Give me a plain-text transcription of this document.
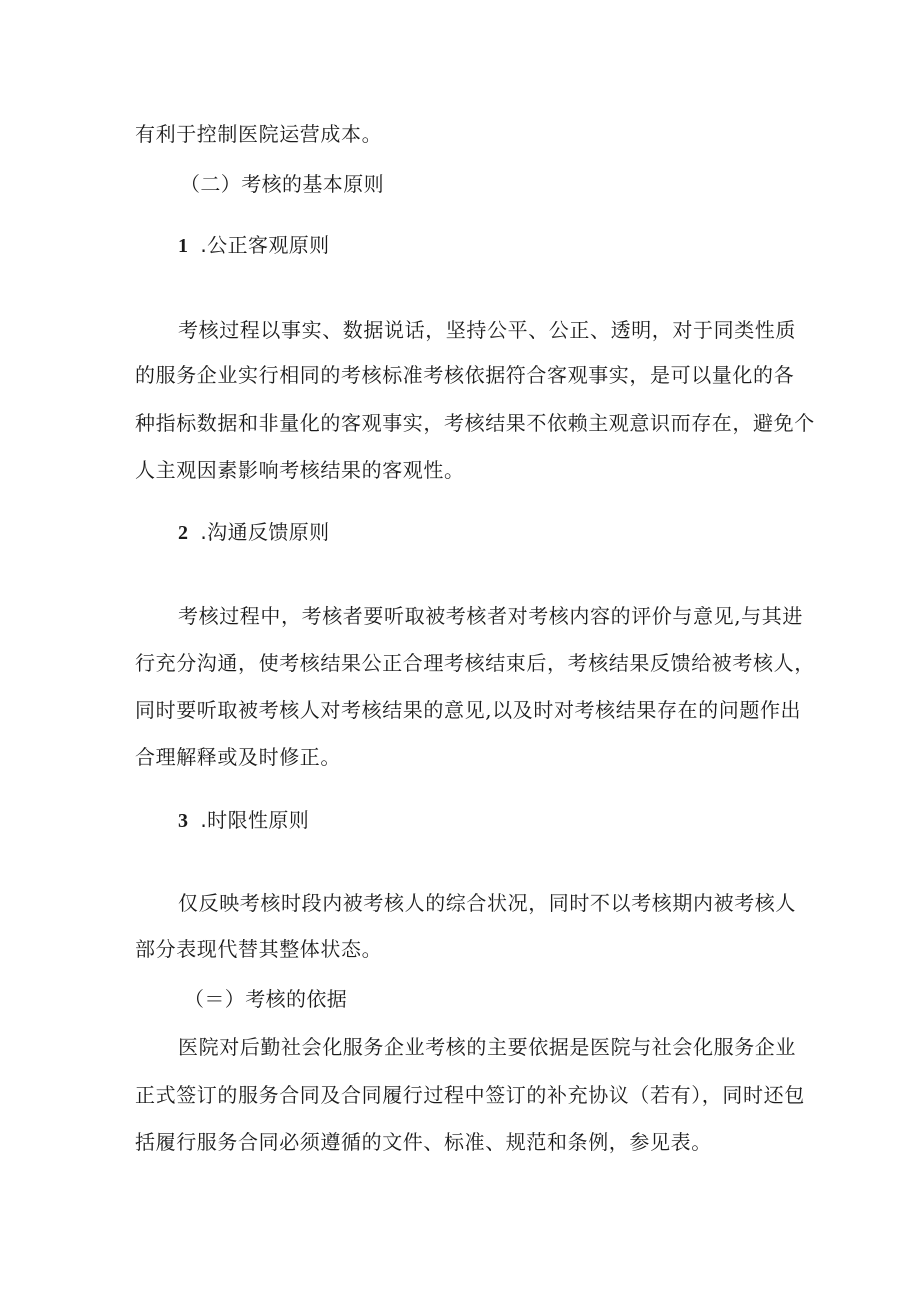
有利于控制医院运营成本。
（二）考核的基本原则
1 .公正客观原则
考核过程以事实、数据说话，坚持公平、公正、透明，对于同类性质
的服务企业实行相同的考核标准考核依据符合客观事实，是可以量化的各
种指标数据和非量化的客观事实，考核结果不依赖主观意识而存在，避免个
人主观因素影响考核结果的客观性。
2 .沟通反馈原则
考核过程中，考核者要听取被考核者对考核内容的评价与意见,与其进
行充分沟通，使考核结果公正合理考核结束后，考核结果反馈给被考核人，
同时要听取被考核人对考核结果的意见,以及时对考核结果存在的问题作出
合理解释或及时修正。
3 .时限性原则
仅反映考核时段内被考核人的综合状况，同时不以考核期内被考核人
部分表现代替其整体状态。
（＝）考核的依据
医院对后勤社会化服务企业考核的主要依据是医院与社会化服务企业
正式签订的服务合同及合同履行过程中签订的补充协议（若有），同时还包
括履行服务合同必须遵循的文件、标准、规范和条例，参见表。
